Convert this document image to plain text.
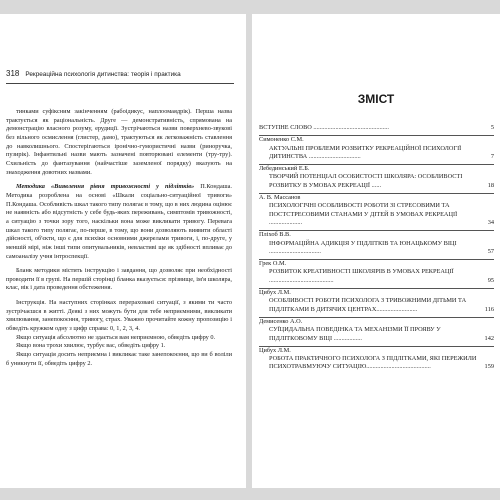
318 Рекреаційна психологія дитинства: теорія і практика

тинками суфіксним закінченням (рабоідикус, наплоомаядрік). Перша назва трактується як раціональність. Друге — демонстративність, спрямована на демонстрацію власного розуму, ерудиції. Зустрічаються назви поверхнево-звукові без вільного осмислення (глистер, дамо), трактуються як легковажність ставлення до навколишнього. Спостерігаються іронічно-гумористичні назви (риноручка, пузирік). Інфантильні назви мають зазначені повторювані елементи (тру-тру). Схильність до фантазування (найчастіше заземленої порядку) вказують на знаходження довотних назвами.

Методика «Виявлення рівня тривожності у підлітків» П.Кондаша. Методика розроблена на основі «Шкали соціально-ситуаційної тривоги» П.Кондаша. Особливість шкал такого типу полягає в тому, що в них людина оцінює не наявність або відсутність у себе будь-яких переживань, симптомів тривожності, а ситуацію з точки зору того, наскільки вона може викликати тривогу. Перевага шкал такого типу полягає, по-перше, в тому, що вони дозволяють виявити області дійсності, об'єкти, що є для психіки основними джерелами тривоги, і, по-друге, у меншій мірі, ніж інші типи опитувальників, невластиві ще як здібності впливає до самоаналізу учня інтроспекції.

Бланк методики містить інструкцію і завдання, що дозволяє при необхідності проводити її в групі. На першій сторінці бланка вказується: прізвище, ім'я школяра, клас, вік і дата проведення обстеження.

Інструкція. На наступних сторінках перераховані ситуації, з якими ти часто зустрічаєшся в житті. Деякі з них можуть бути для тебе неприємними, викликати хвилювання, занепокоєння, тривогу, страх. Уважно прочитайте кожну пропозицію і обведіть кружком одну з цифр справа: 0, 1, 2, 3, 4.

Якщо ситуація абсолютно не здається вам неприємною, обведіть цифру 0.

Якщо вона трохи хвилює, турбує вас, обведіть цифру 1.

Якщо ситуація досить неприємна і викликає таке занепокоєння, що ви б воліли б уникнути її, обведіть цифру 2.

ЗМІСТ
ВСТУПНЕ СЛОВО ................................................	5
Симоненко С.М.
АКТУАЛЬНІ ПРОБЛЕМИ РОЗВИТКУ РЕКРЕАЦІЙНОЇ ПСИХОЛОГІЇ ДИТИНСТВА .................................	7
Лебединський Е.Б.
ТВОРЧИЙ ПОТЕНЦІАЛ ОСОБИСТОСТІ ШКОЛЯРА: ОСОБЛИВОСТІ РОЗВИТКУ В УМОВАХ РЕКРЕАЦІЇ ......	18
А. В. Массанов
ПСИХОЛОГІЧНІ ОСОБЛИВОСТІ РОБОТИ ЗІ СТРЕСОВИМИ ТА ПОСТСТРЕСОВИМИ СТАНАМИ У ДІТЕЙ В УМОВАХ РЕКРЕАЦІЇ .....................	34
Пліхоб В.В.
ІНФОРМАЦІЙНА АДИКЦІЯ У ПІДЛІТКІВ ТА ЮНАЦЬКОМУ ВІЦІ .................................	57
Грек О.М.
РОЗВИТОК КРЕАТИВНОСТІ ШКОЛЯРІВ В УМОВАХ РЕКРЕАЦІЇ .........................................	95
Цибух Л.М.
ОСОБЛИВОСТІ РОБОТИ ПСИХОЛОГА З ТРИВОЖНИМИ ДІТЬМИ ТА ПІДЛІТКАМИ В ДИТЯЧИХ ЦЕНТРАХ..........................	116
Демисенко А.О.
СУЇЦИДАЛЬНА ПОВЕДІНКА ТА МЕХАНІЗМИ ЇЇ ПРОЯВУ У ПІДЛІТКОВОМУ ВІЦІ ..................	142
Цибух Л.М.
РОБОТА ПРАКТИЧНОГО ПСИХОЛОГА З ПІДЛІТКАМИ, ЯКІ ПЕРЕЖИЛИ ПСИХОТРАВМУЮЧУ СИТУАЦІЮ.........................................	159
